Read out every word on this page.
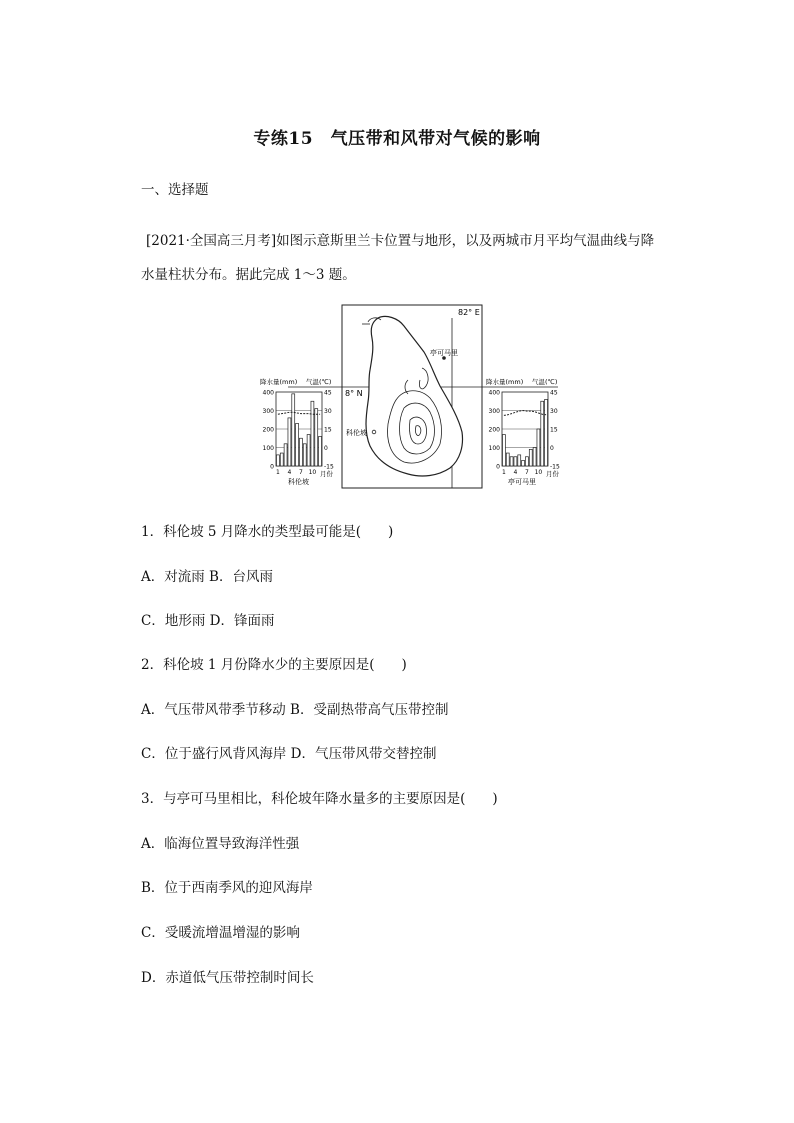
专练15　气压带和风带对气候的影响

一、选择题

[2021·全国高三月考]如图示意斯里兰卡位置与地形，以及两城市月平均气温曲线与降
水量柱状分布。据此完成 1～3 题。
82° E
8° N
亭可马里
科伦坡
降水量(mm) 气温(℃)
科伦坡
月份
0
100
200
300
400
-15
0
15
30
45
1 4 7 10
降水量(mm) 气温(℃)
亭可马里
月份
0
100
200
300
400
-15
0
15
30
45
1 4 7 10

1．科伦坡 5 月降水的类型最可能是(　　)

A．对流雨 B．台风雨

C．地形雨 D．锋面雨

2．科伦坡 1 月份降水少的主要原因是(　　)

A．气压带风带季节移动 B．受副热带高气压带控制

C．位于盛行风背风海岸 D．气压带风带交替控制

3．与亭可马里相比，科伦坡年降水量多的主要原因是(　　)

A．临海位置导致海洋性强

B．位于西南季风的迎风海岸

C．受暖流增温增湿的影响

D．赤道低气压带控制时间长
